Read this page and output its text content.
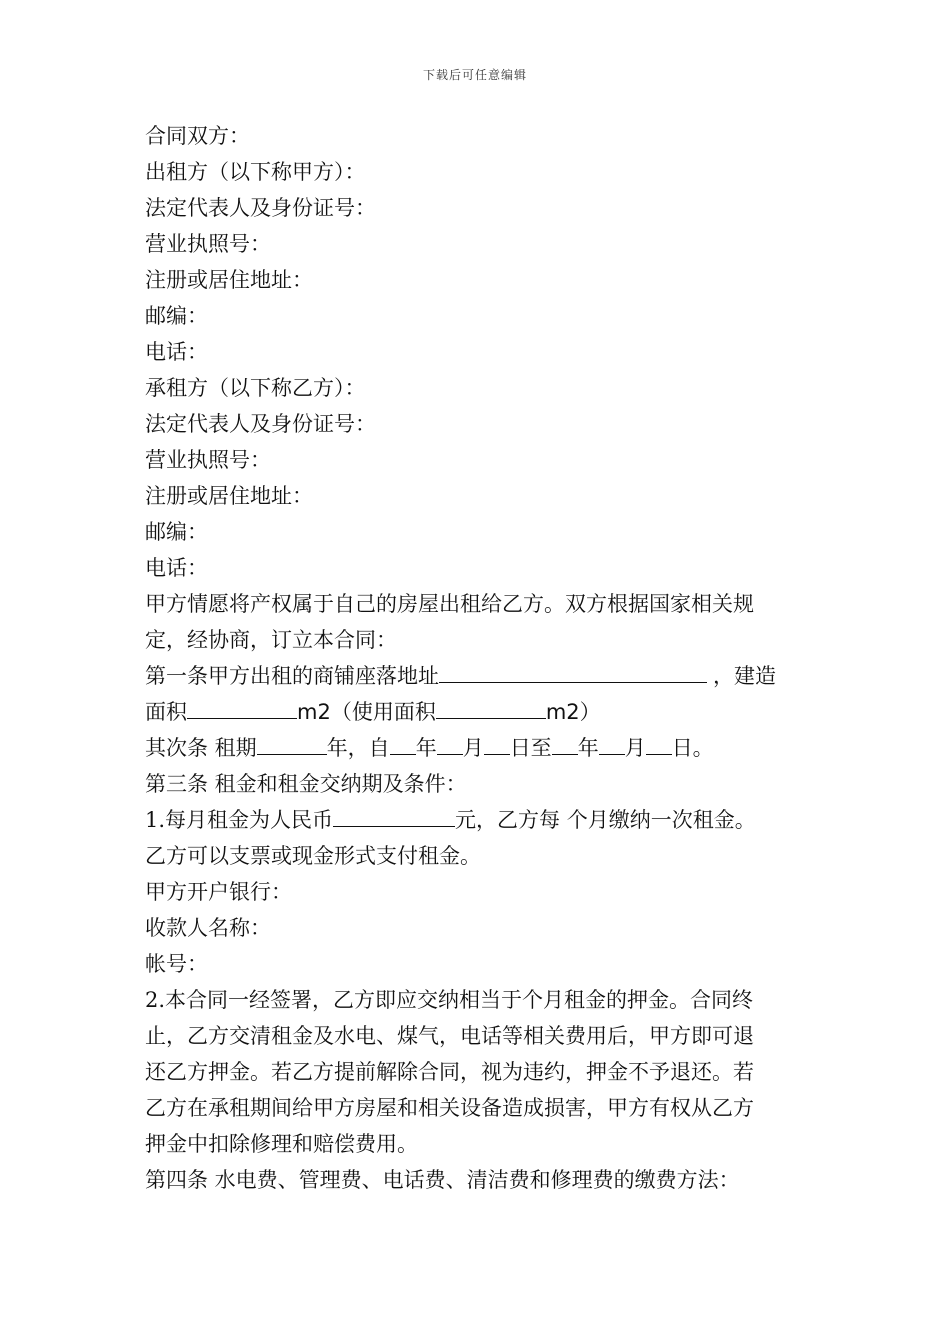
下载后可任意编辑
合同双方：
出租方（以下称甲方）：
法定代表人及身份证号：
营业执照号：
注册或居住地址：
邮编：
电话：
承租方（以下称乙方）：
法定代表人及身份证号：
营业执照号：
注册或居住地址：
邮编：
电话：
甲方情愿将产权属于自己的房屋出租给乙方。双方根据国家相关规
定，经协商，订立本合同：
第一条甲方出租的商铺座落地址	，建造
面积	m2（使用面积	m2）
其次条 租期	年，自 年 月 日至 年 月 日。
第三条 租金和租金交纳期及条件：
1.每月租金为人民币	元，乙方每 个月缴纳一次租金。
乙方可以支票或现金形式支付租金。
甲方开户银行：
收款人名称：
帐号：
2.本合同一经签署，乙方即应交纳相当于个月租金的押金。合同终
止，乙方交清租金及水电、煤气，电话等相关费用后，甲方即可退
还乙方押金。若乙方提前解除合同，视为违约，押金不予退还。若
乙方在承租期间给甲方房屋和相关设备造成损害，甲方有权从乙方
押金中扣除修理和赔偿费用。
第四条 水电费、管理费、电话费、清洁费和修理费的缴费方法：
